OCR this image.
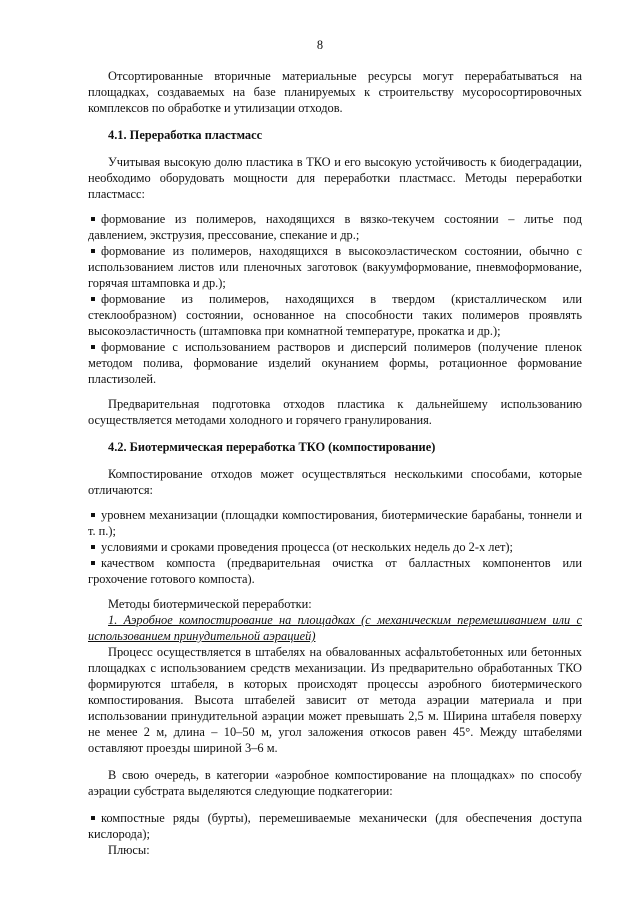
8

Отсортированные вторичные материальные ресурсы могут перерабатываться на площадках, создаваемых на базе планируемых к строительству мусоросортировочных комплексов по обработке и утилизации отходов.

4.1. Переработка пластмасс

Учитывая высокую долю пластика в ТКО и его высокую устойчивость к биодеградации, необходимо оборудовать мощности для переработки пластмасс. Методы переработки пластмасс:

формование из полимеров, находящихся в вязко-текучем состоянии – литье под давлением, экструзия, прессование, спекание и др.;
формование из полимеров, находящихся в высокоэластическом состоянии, обычно с использованием листов или пленочных заготовок (вакуумформование, пневмоформование, горячая штамповка и др.);
формование из полимеров, находящихся в твердом (кристаллическом или стеклообразном) состоянии, основанное на способности таких полимеров проявлять высокоэластичность (штамповка при комнатной температуре, прокатка и др.);
формование с использованием растворов и дисперсий полимеров (получение пленок методом полива, формование изделий окунанием формы, ротационное формование пластизолей.

Предварительная подготовка отходов пластика к дальнейшему использованию осуществляется методами холодного и горячего гранулирования.

4.2. Биотермическая переработка ТКО (компостирование)

Компостирование отходов может осуществляться несколькими способами, которые отличаются:

уровнем механизации (площадки компостирования, биотермические барабаны, тоннели и т. п.);
условиями и сроками проведения процесса (от нескольких недель до 2-х лет);
качеством компоста (предварительная очистка от балластных компонентов или грохочение готового компоста).

Методы биотермической переработки:

1. Аэробное компостирование на площадках (с механическим перемешиванием или с использованием принудительной аэрацией)

Процесс осуществляется в штабелях на обвалованных асфальтобетонных или бетонных площадках с использованием средств механизации. Из предварительно обработанных ТКО формируются штабеля, в которых происходят процессы аэробного биотермического компостирования. Высота штабелей зависит от метода аэрации материала и при использовании принудительной аэрации может превышать 2,5 м. Ширина штабеля поверху не менее 2 м, длина – 10–50 м, угол заложения откосов равен 45°. Между штабелями оставляют проезды шириной 3–6 м.

В свою очередь, в категории «аэробное компостирование на площадках» по способу аэрации субстрата выделяются следующие подкатегории:

компостные ряды (бурты), перемешиваемые механически (для обеспечения доступа кислорода);

Плюсы:
